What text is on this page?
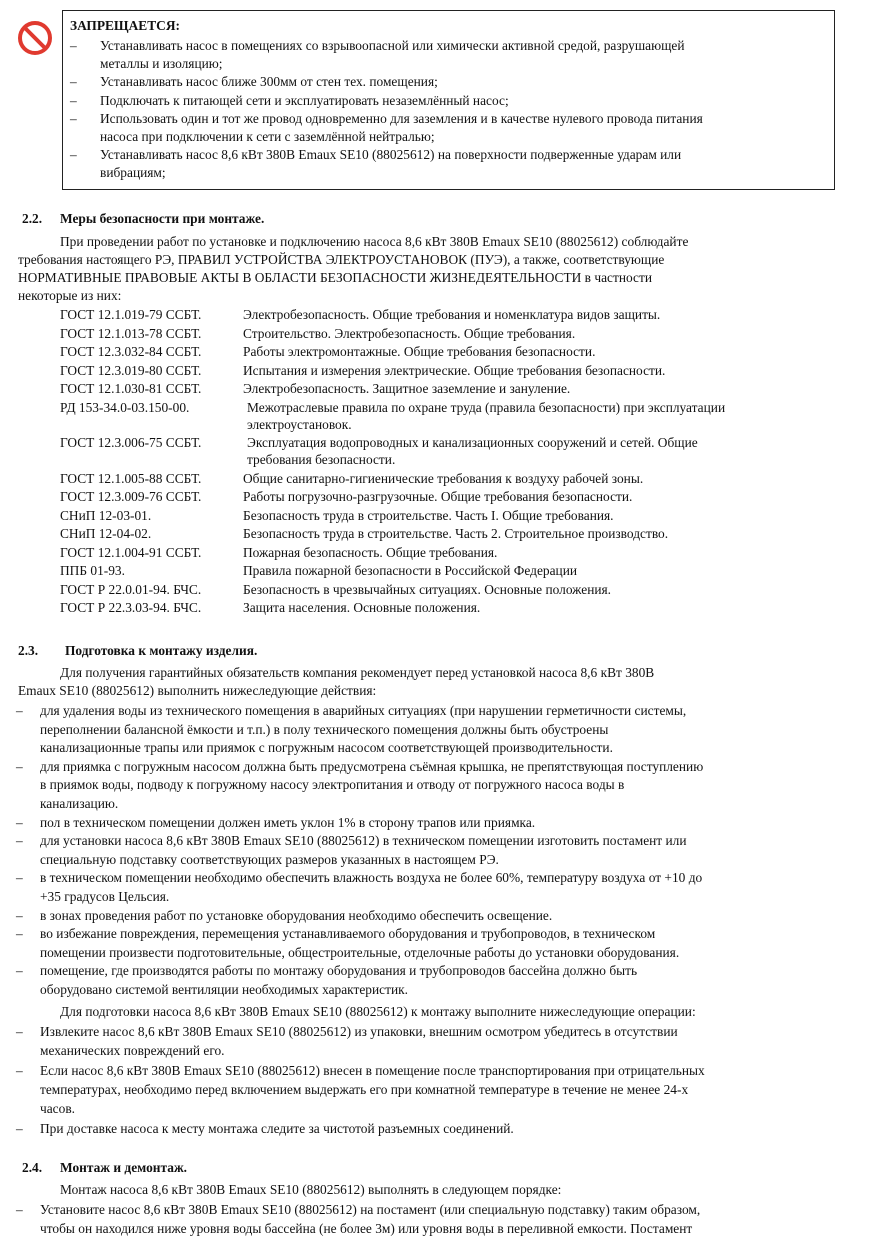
ЗАПРЕЩАЕТСЯ:
– Устанавливать насос в помещениях со взрывоопасной или химически активной средой, разрушающей
металлы и изоляцию;
– Устанавливать насос ближе 300мм от стен тех. помещения;
– Подключать к питающей сети и эксплуатировать незаземлённый насос;
– Использовать один и тот же провод одновременно для заземления и в качестве нулевого провода питания
насоса при подключении к сети с заземлённой нейтралью;
– Устанавливать насос 8,6 кВт 380В Emaux SE10 (88025612) на поверхности подверженные ударам или
вибрациям;
2.2. Меры безопасности при монтаже.
При проведении работ по установке и подключению насоса 8,6 кВт 380В Emaux SE10 (88025612) соблюдайте
требования настоящего РЭ, ПРАВИЛ УСТРОЙСТВА ЭЛЕКТРОУСТАНОВОК (ПУЭ), а также, соответствующие
НОРМАТИВНЫЕ ПРАВОВЫЕ АКТЫ В ОБЛАСТИ БЕЗОПАСНОСТИ ЖИЗНЕДЕЯТЕЛЬНОСТИ в частности
некоторые из них:
ГОСТ 12.1.019-79 ССБТ.	Электробезопасность. Общие требования и номенклатура видов защиты.
ГОСТ 12.1.013-78 ССБТ.	Строительство. Электробезопасность. Общие требования.
ГОСТ 12.3.032-84 ССБТ.	Работы электромонтажные. Общие требования безопасности.
ГОСТ 12.3.019-80 ССБТ.	Испытания и измерения электрические. Общие требования безопасности.
ГОСТ 12.1.030-81 ССБТ.	Электробезопасность. Защитное заземление и зануление.
РД 153-34.0-03.150-00.	Межотраслевые правила по охране труда (правила безопасности) при эксплуатации
электроустановок.
ГОСТ 12.3.006-75 ССБТ.	Эксплуатация водопроводных и канализационных сооружений и сетей. Общие
требования безопасности.
ГОСТ 12.1.005-88 ССБТ.	Общие санитарно-гигиенические требования к воздуху рабочей зоны.
ГОСТ 12.3.009-76 ССБТ.	Работы погрузочно-разгрузочные. Общие требования безопасности.
СНиП 12-03-01.	Безопасность труда в строительстве. Часть I. Общие требования.
СНиП 12-04-02.	Безопасность труда в строительстве. Часть 2. Строительное производство.
ГОСТ 12.1.004-91 ССБТ.	Пожарная безопасность. Общие требования.
ППБ 01-93.	Правила пожарной безопасности в Российской Федерации
ГОСТ Р 22.0.01-94. БЧС.	Безопасность в чрезвычайных ситуациях. Основные положения.
ГОСТ Р 22.3.03-94. БЧС.	Защита населения. Основные положения.
2.3. Подготовка к монтажу изделия.
Для получения гарантийных обязательств компания рекомендует перед установкой насоса 8,6 кВт 380В
Emaux SE10 (88025612) выполнить нижеследующие действия:
– для удаления воды из технического помещения в аварийных ситуациях (при нарушении герметичности системы,
переполнении балансной ёмкости и т.п.) в полу технического помещения должны быть обустроены
канализационные трапы или приямок с погружным насосом соответствующей производительности.
– для приямка с погружным насосом должна быть предусмотрена съёмная крышка, не препятствующая поступлению
в приямок воды, подводу к погружному насосу электропитания и отводу от погружного насоса воды в
канализацию.
– пол в техническом помещении должен иметь уклон 1% в сторону трапов или приямка.
– для установки насоса 8,6 кВт 380В Emaux SE10 (88025612) в техническом помещении изготовить постамент или
специальную подставку соответствующих размеров указанных в настоящем РЭ.
– в техническом помещении необходимо обеспечить влажность воздуха не более 60%, температуру воздуха от +10 до
+35 градусов Цельсия.
– в зонах проведения работ по установке оборудования необходимо обеспечить освещение.
– во избежание повреждения, перемещения устанавливаемого оборудования и трубопроводов, в техническом
помещении произвести подготовительные, общестроительные, отделочные работы до установки оборудования.
– помещение, где производятся работы по монтажу оборудования и трубопроводов бассейна должно быть
оборудовано системой вентиляции необходимых характеристик.
Для подготовки насоса 8,6 кВт 380В Emaux SE10 (88025612) к монтажу выполните нижеследующие операции:
– Извлеките насос 8,6 кВт 380В Emaux SE10 (88025612) из упаковки, внешним осмотром убедитесь в отсутствии
механических повреждений его.
– Если насос 8,6 кВт 380В Emaux SE10 (88025612) внесен в помещение после транспортирования при отрицательных
температурах, необходимо перед включением выдержать его при комнатной температуре в течение не менее 24-х
часов.
– При доставке насоса к месту монтажа следите за чистотой разъемных соединений.
2.4. Монтаж и демонтаж.
Монтаж насоса 8,6 кВт 380В Emaux SE10 (88025612) выполнять в следующем порядке:
– Установите насос 8,6 кВт 380В Emaux SE10 (88025612) на постамент (или специальную подставку) таким образом,
чтобы он находился ниже уровня воды бассейна (не более 3м) или уровня воды в переливной емкости. Постамент
